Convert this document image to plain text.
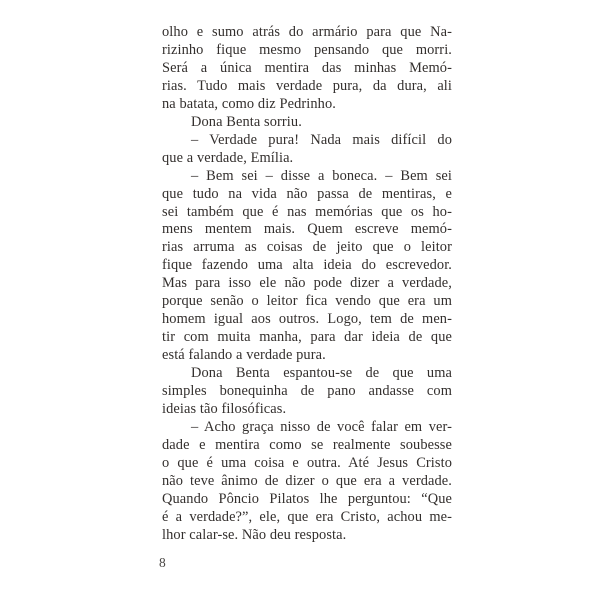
olho e sumo atrás do armário para que Na-
rizinho fique mesmo pensando que morri.
Será a única mentira das minhas Memó-
rias. Tudo mais verdade pura, da dura, ali
na batata, como diz Pedrinho.
Dona Benta sorriu.
– Verdade pura! Nada mais difícil do
que a verdade, Emília.
– Bem sei – disse a boneca. – Bem sei
que tudo na vida não passa de mentiras, e
sei também que é nas memórias que os ho-
mens mentem mais. Quem escreve memó-
rias arruma as coisas de jeito que o leitor
fique fazendo uma alta ideia do escrevedor.
Mas para isso ele não pode dizer a verdade,
porque senão o leitor fica vendo que era um
homem igual aos outros. Logo, tem de men-
tir com muita manha, para dar ideia de que
está falando a verdade pura.
Dona Benta espantou-se de que uma
simples bonequinha de pano andasse com
ideias tão filosóficas.
– Acho graça nisso de você falar em ver-
dade e mentira como se realmente soubesse
o que é uma coisa e outra. Até Jesus Cristo
não teve ânimo de dizer o que era a verdade.
Quando Pôncio Pilatos lhe perguntou: “Que
é a verdade?”, ele, que era Cristo, achou me-
lhor calar-se. Não deu resposta.
8
